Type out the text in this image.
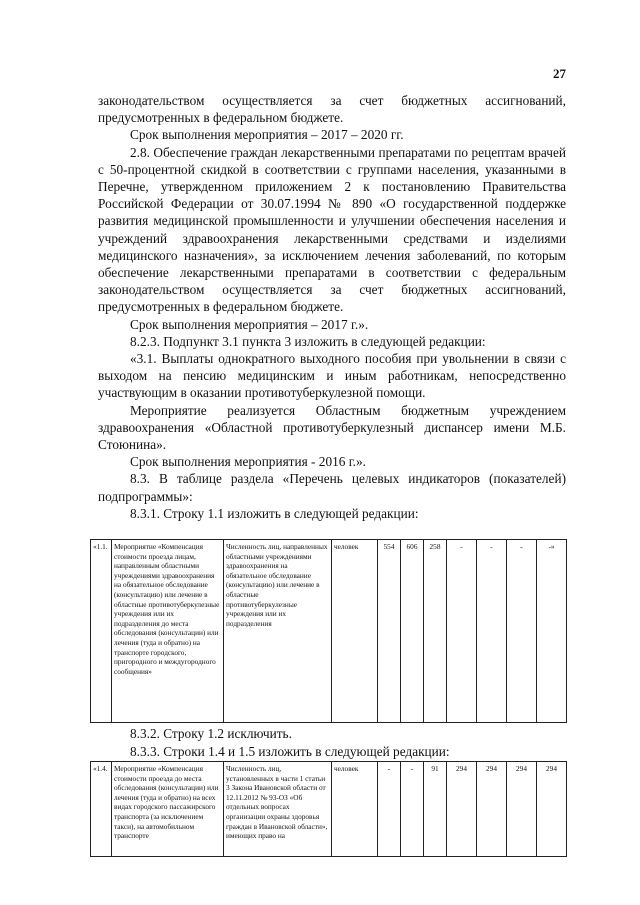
27

законодательством осуществляется за счет бюджетных ассигнований, предусмотренных в федеральном бюджете.

Срок выполнения мероприятия – 2017 – 2020 гг.

2.8. Обеспечение граждан лекарственными препаратами по рецептам врачей с 50-процентной скидкой в соответствии с группами населения, указанными в Перечне, утвержденном приложением 2 к постановлению Правительства Российской Федерации от 30.07.1994 № 890 «О государственной поддержке развития медицинской промышленности и улучшении обеспечения населения и учреждений здравоохранения лекарственными средствами и изделиями медицинского назначения», за исключением лечения заболеваний, по которым обеспечение лекарственными препаратами в соответствии с федеральным законодательством осуществляется за счет бюджетных ассигнований, предусмотренных в федеральном бюджете.

Срок выполнения мероприятия – 2017 г.».

8.2.3. Подпункт 3.1 пункта 3 изложить в следующей редакции:

«3.1. Выплаты однократного выходного пособия при увольнении в связи с выходом на пенсию медицинским и иным работникам, непосредственно участвующим в оказании противотуберкулезной помощи.

Мероприятие реализуется Областным бюджетным учреждением здравоохранения «Областной противотуберкулезный диспансер имени М.Б. Стоюнина».

Срок выполнения мероприятия - 2016 г.».

8.3. В таблице раздела «Перечень целевых индикаторов (показателей) подпрограммы»:

8.3.1. Строку 1.1 изложить в следующей редакции:

«1.1.	Мероприятие «Компенсация стоимости проезда лицам, направленным областными учреждениями здравоохранения на обязательное обследование (консультацию) или лечение в областные противотуберкулезные учреждения или их подразделения до места обследования (консультации) или лечения (туда и обратно) на транспорте городского, пригородного и междугородного сообщения»	Численность лиц, направленных областными учреждениями здравоохранения на обязательное обследование (консультацию) или лечение в областные противотуберкулезные учреждения или их подразделения	человек	554	606	258	-	-	-	-»
8.3.2. Строку 1.2 исключить.
8.3.3. Строки 1.4 и 1.5 изложить в следующей редакции:
«1.4.	Мероприятие «Компенсация стоимости проезда до места обследования (консультации) или лечения (туда и обратно) на всех видах городского пассажирского транспорта (за исключением такси), на автомобильном транспорте	Численность лиц, установленных в части 1 статьи 3 Закона Ивановской области от 12.11.2012 № 93-ОЗ «Об отдельных вопросах организации охраны здоровья граждан в Ивановской области», имеющих право на	человек	-	-	91	294	294	294	294
